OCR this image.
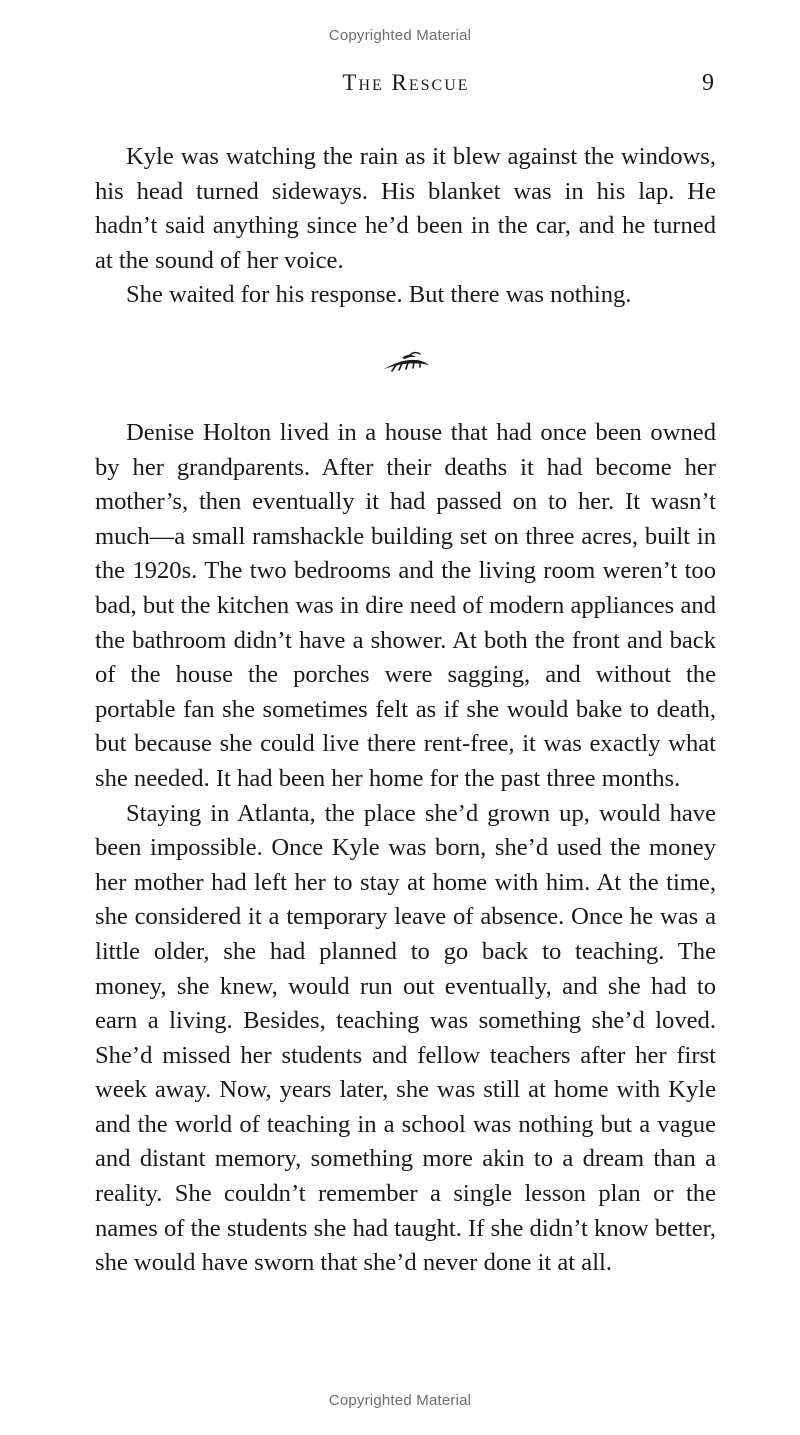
Copyrighted Material
The Rescue	9

Kyle was watching the rain as it blew against the windows, his head turned sideways. His blanket was in his lap. He hadn’t said anything since he’d been in the car, and he turned at the sound of her voice.

She waited for his response. But there was nothing.

Denise Holton lived in a house that had once been owned by her grandparents. After their deaths it had become her mother’s, then eventually it had passed on to her. It wasn’t much—a small ramshackle building set on three acres, built in the 1920s. The two bedrooms and the living room weren’t too bad, but the kitchen was in dire need of modern appliances and the bathroom didn’t have a shower. At both the front and back of the house the porches were sagging, and without the portable fan she sometimes felt as if she would bake to death, but because she could live there rent-free, it was exactly what she needed. It had been her home for the past three months.

Staying in Atlanta, the place she’d grown up, would have been impossible. Once Kyle was born, she’d used the money her mother had left her to stay at home with him. At the time, she considered it a temporary leave of absence. Once he was a little older, she had planned to go back to teaching. The money, she knew, would run out eventually, and she had to earn a living. Besides, teaching was something she’d loved. She’d missed her students and fellow teachers after her first week away. Now, years later, she was still at home with Kyle and the world of teaching in a school was nothing but a vague and distant memory, something more akin to a dream than a reality. She couldn’t remember a single lesson plan or the names of the students she had taught. If she didn’t know better, she would have sworn that she’d never done it at all.

Copyrighted Material
